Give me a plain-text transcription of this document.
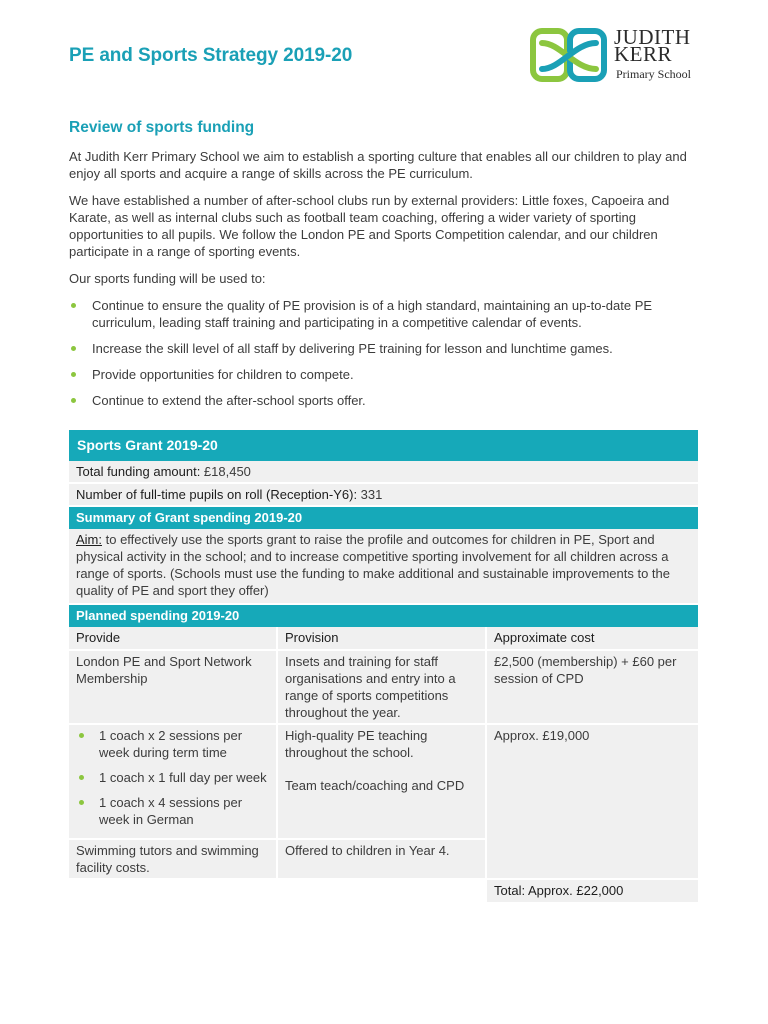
PE and Sports Strategy 2019-20
JUDITH
KERR
Primary School
Review of sports funding

At Judith Kerr Primary School we aim to establish a sporting culture that enables all our children to play and enjoy all sports and acquire a range of skills across the PE curriculum.

We have established a number of after-school clubs run by external providers: Little foxes, Capoeira and Karate, as well as internal clubs such as football team coaching, offering a wider variety of sporting opportunities to all pupils. We follow the London PE and Sports Competition calendar, and our children participate in a range of sporting events.

Our sports funding will be used to:

Continue to ensure the quality of PE provision is of a high standard, maintaining an up-to-date PE curriculum, leading staff training and participating in a competitive calendar of events.
Increase the skill level of all staff by delivering PE training for lesson and lunchtime games.
Provide opportunities for children to compete.
Continue to extend the after-school sports offer.
Sports Grant 2019-20
Total funding amount: £18,450
Number of full-time pupils on roll (Reception-Y6): 331
Summary of Grant spending 2019-20
Aim: to effectively use the sports grant to raise the profile and outcomes for children in PE, Sport and physical activity in the school; and to increase competitive sporting involvement for all children across a range of sports. (Schools must use the funding to make additional and sustainable improvements to the quality of PE and sport they offer)
Planned spending 2019-20
Provide	Provision	Approximate cost
London PE and Sport Network Membership
Insets and training for staff organisations and entry into a range of sports competitions throughout the year.
£2,500 (membership) + £60 per session of CPD
1 coach x 2 sessions per week during term time
1 coach x 1 full day per week
1 coach x 4 sessions per week in German
High-quality PE teaching throughout the school.
Team teach/coaching and CPD
Approx. £19,000
Swimming tutors and swimming facility costs.
Offered to children in Year 4.
Total: Approx. £22,000
